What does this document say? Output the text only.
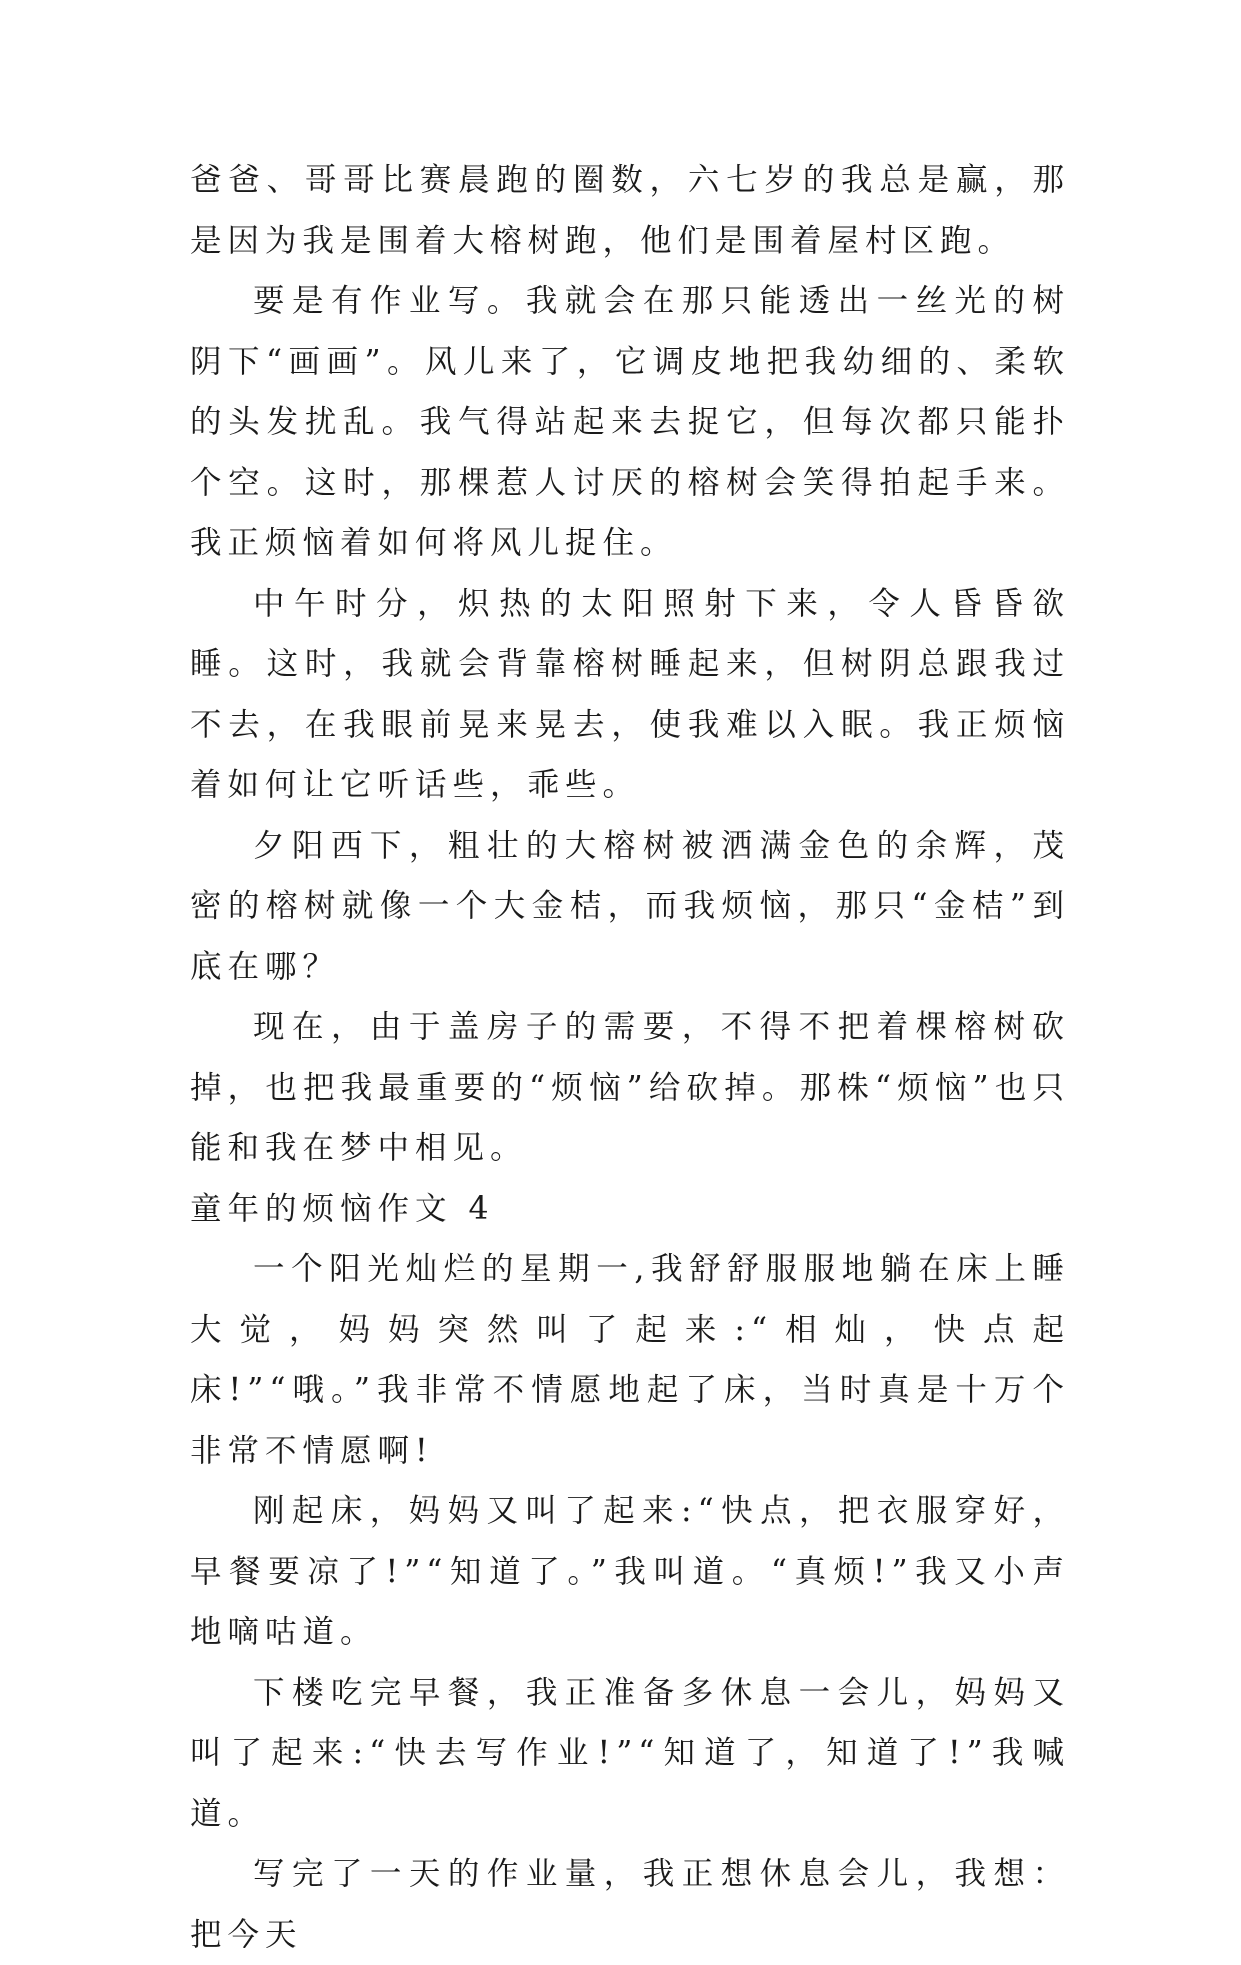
爸爸、哥哥比赛晨跑的圈数，六七岁的我总是赢，那是因为我是围着大榕树跑，他们是围着屋村区跑。

要是有作业写。我就会在那只能透出一丝光的树阴下“画画”。风儿来了，它调皮地把我幼细的、柔软的头发扰乱。我气得站起来去捉它，但每次都只能扑个空。这时，那棵惹人讨厌的榕树会笑得拍起手来。我正烦恼着如何将风儿捉住。

中午时分，炽热的太阳照射下来，令人昏昏欲睡。这时，我就会背靠榕树睡起来，但树阴总跟我过不去，在我眼前晃来晃去，使我难以入眠。我正烦恼着如何让它听话些，乖些。

夕阳西下，粗壮的大榕树被洒满金色的余辉，茂密的榕树就像一个大金桔，而我烦恼，那只“金桔”到底在哪？

现在，由于盖房子的需要，不得不把着棵榕树砍掉，也把我最重要的“烦恼”给砍掉。那株“烦恼”也只能和我在梦中相见。

童年的烦恼作文 4

一个阳光灿烂的星期一,我舒舒服服地躺在床上睡大觉，妈妈突然叫了起来:“相灿，快点起床!”“哦。”我非常不情愿地起了床，当时真是十万个非常不情愿啊!

刚起床，妈妈又叫了起来:“快点，把衣服穿好，早餐要凉了!”“知道了。”我叫道。“真烦!”我又小声地嘀咕道。

下楼吃完早餐，我正准备多休息一会儿，妈妈又叫了起来:“快去写作业!”“知道了，知道了!”我喊道。

写完了一天的作业量，我正想休息会儿，我想：把今天
